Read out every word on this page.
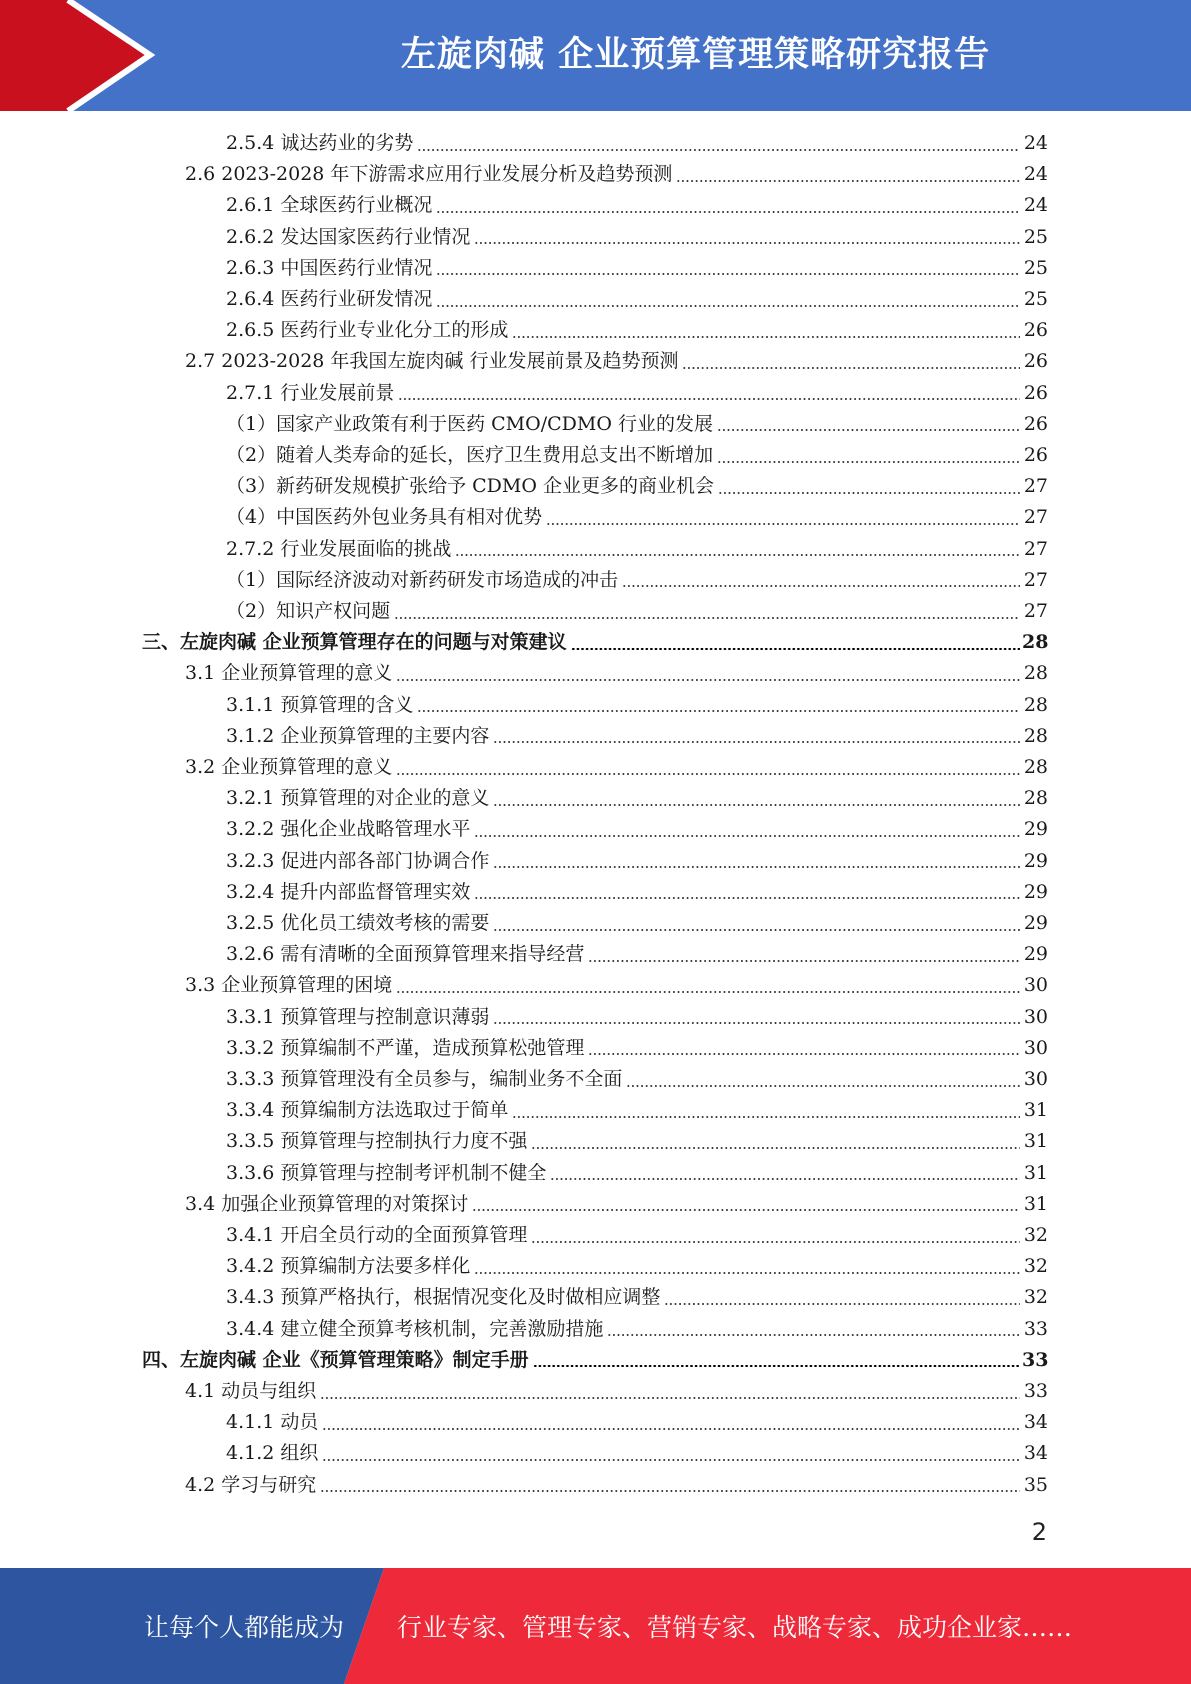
左旋肉碱 企业预算管理策略研究报告
2.5.4 诚达药业的劣势	24
2.6 2023-2028 年下游需求应用行业发展分析及趋势预测	24
2.6.1 全球医药行业概况	24
2.6.2 发达国家医药行业情况	25
2.6.3 中国医药行业情况	25
2.6.4 医药行业研发情况	25
2.6.5 医药行业专业化分工的形成	26
2.7 2023-2028 年我国左旋肉碱 行业发展前景及趋势预测	26
2.7.1 行业发展前景	26
（1）国家产业政策有利于医药 CMO/CDMO 行业的发展	26
（2）随着人类寿命的延长，医疗卫生费用总支出不断增加	26
（3）新药研发规模扩张给予 CDMO 企业更多的商业机会	27
（4）中国医药外包业务具有相对优势	27
2.7.2 行业发展面临的挑战	27
（1）国际经济波动对新药研发市场造成的冲击	27
（2）知识产权问题	27
三、左旋肉碱 企业预算管理存在的问题与对策建议	28
3.1 企业预算管理的意义	28
3.1.1 预算管理的含义	28
3.1.2 企业预算管理的主要内容	28
3.2 企业预算管理的意义	28
3.2.1 预算管理的对企业的意义	28
3.2.2 强化企业战略管理水平	29
3.2.3 促进内部各部门协调合作	29
3.2.4 提升内部监督管理实效	29
3.2.5 优化员工绩效考核的需要	29
3.2.6 需有清晰的全面预算管理来指导经营	29
3.3 企业预算管理的困境	30
3.3.1 预算管理与控制意识薄弱	30
3.3.2 预算编制不严谨，造成预算松弛管理	30
3.3.3 预算管理没有全员参与，编制业务不全面	30
3.3.4 预算编制方法选取过于简单	31
3.3.5 预算管理与控制执行力度不强	31
3.3.6 预算管理与控制考评机制不健全	31
3.4 加强企业预算管理的对策探讨	31
3.4.1 开启全员行动的全面预算管理	32
3.4.2 预算编制方法要多样化	32
3.4.3 预算严格执行，根据情况变化及时做相应调整	32
3.4.4 建立健全预算考核机制，完善激励措施	33
四、左旋肉碱 企业《预算管理策略》制定手册	33
4.1 动员与组织	33
4.1.1 动员	34
4.1.2 组织	34
4.2 学习与研究	35
2
让每个人都能成为 行业专家、管理专家、营销专家、战略专家、成功企业家……
